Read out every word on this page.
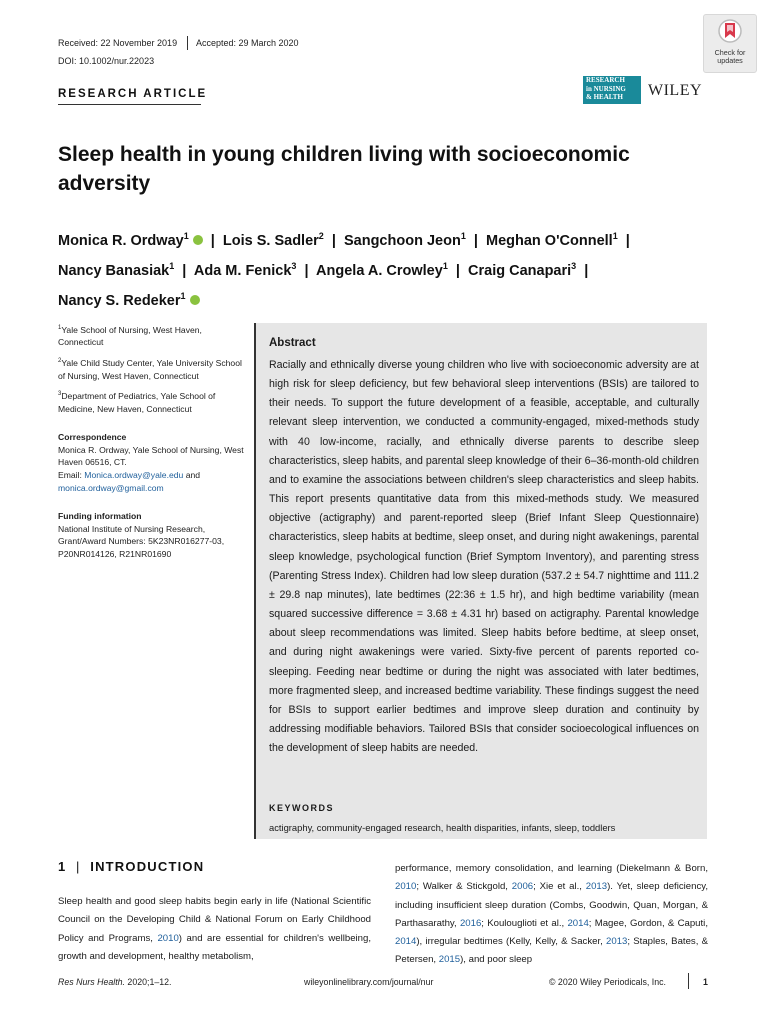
Received: 22 November 2019 Accepted: 29 March 2020
DOI: 10.1002/nur.22023
Check for
updates
RESEARCH
in NURSING
& HEALTH	WILEY
RESEARCH ARTICLE
Sleep health in young children living with socioeconomic adversity
Monica R. Ordway$^1$  |  Lois S. Sadler$^2$  |  Sangchoon Jeon$^1$  |  Meghan O'Connell$^1$  |
Nancy Banasiak$^1$  |  Ada M. Fenick$^3$  |  Angela A. Crowley$^1$  |  Craig Canapari$^3$  |
Nancy S. Redeker$^1$

$^1$Yale School of Nursing, West Haven, Connecticut

$^2$Yale Child Study Center, Yale University School of Nursing, West Haven, Connecticut

$^3$Department of Pediatrics, Yale School of Medicine, New Haven, Connecticut

Correspondence
Monica R. Ordway, Yale School of Nursing, West Haven 06516, CT.
Email: Monica.ordway@yale.edu and

monica.ordway@gmail.com

Funding information
National Institute of Nursing Research, Grant/Award Numbers: 5K23NR016277-03, P20NR014126, R21NR01690
Abstract
Racially and ethnically diverse young children who live with socioeconomic adversity are at high risk for sleep deficiency, but few behavioral sleep interventions (BSIs) are tailored to their needs. To support the future development of a feasible, acceptable, and culturally relevant sleep intervention, we conducted a community-engaged, mixed-methods study with 40 low-income, racially, and ethnically diverse parents to describe sleep characteristics, sleep habits, and parental sleep knowledge of their 6–36-month-old children and to examine the associations between children's sleep characteristics and sleep habits. This report presents quantitative data from this mixed-methods study. We measured objective (actigraphy) and parent-reported sleep (Brief Infant Sleep Questionnaire) characteristics, sleep habits at bedtime, sleep onset, and during night awakenings, parental sleep knowledge, psychological function (Brief Symptom Inventory), and parenting stress (Parenting Stress Index). Children had low sleep duration (537.2 ± 54.7 nighttime and 111.2 ± 29.8 nap minutes), late bedtimes (22:36 ± 1.5 hr), and high bedtime variability (mean squared successive difference = 3.68 ± 4.31 hr) based on actigraphy. Parental knowledge about sleep recommendations was limited. Sleep habits before bedtime, at sleep onset, and during night awakenings were varied. Sixty-five percent of parents reported co-sleeping. Feeding near bedtime or during the night was associated with later bedtimes, more fragmented sleep, and increased bedtime variability. These findings suggest the need for BSIs to support earlier bedtimes and improve sleep duration and continuity by addressing modifiable behaviors. Tailored BSIs that consider socioecological influences on the development of sleep habits are needed.
KEYWORDS
actigraphy, community-engaged research, health disparities, infants, sleep, toddlers
1  |  INTRODUCTION
Sleep health and good sleep habits begin early in life (National Scientific Council on the Developing Child & National Forum on Early Childhood Policy and Programs, 2010) and are essential for children's wellbeing, growth and development, healthy metabolism,
performance, memory consolidation, and learning (Diekelmann & Born, 2010; Walker & Stickgold, 2006; Xie et al., 2013). Yet, sleep deficiency, including insufficient sleep duration (Combs, Goodwin, Quan, Morgan, & Parthasarathy, 2016; Koulouglioti et al., 2014; Magee, Gordon, & Caputi, 2014), irregular bedtimes (Kelly, Kelly, & Sacker, 2013; Staples, Bates, & Petersen, 2015), and poor sleep
Res Nurs Health. 2020;1–12.	wileyonlinelibrary.com/journal/nur	© 2020 Wiley Periodicals, Inc.	1
